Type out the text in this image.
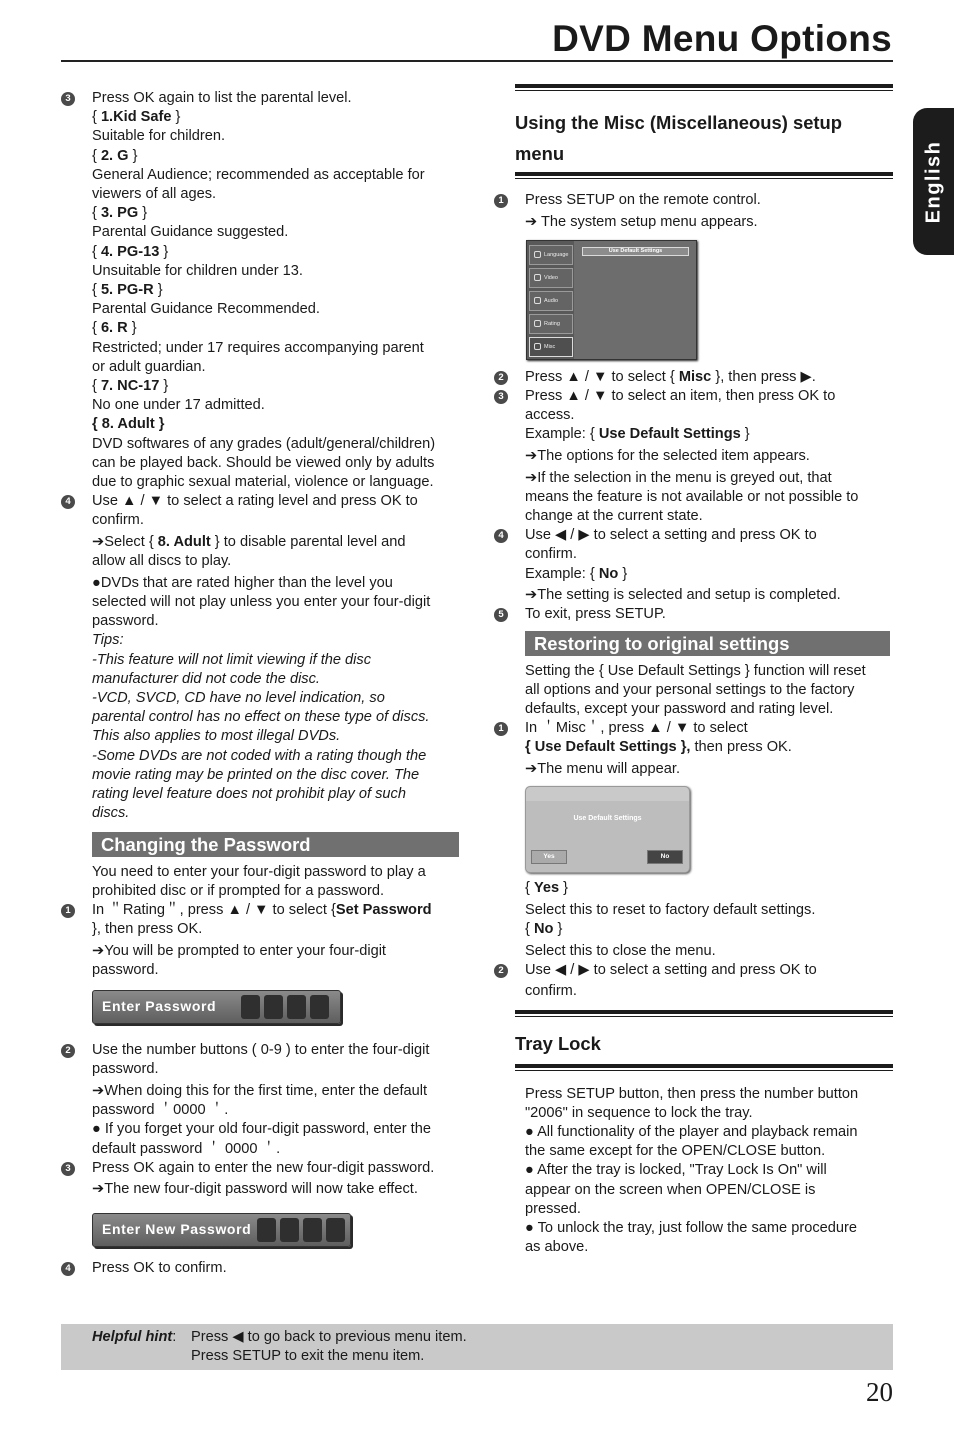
DVD Menu Options
English
3 Press OK again to list the parental level.
{ 1.Kid Safe }
Suitable for children.
{ 2. G }
General Audience; recommended as acceptable for
viewers of all ages.
{ 3. PG }
Parental Guidance suggested.
{ 4. PG-13 }
Unsuitable for children under 13.
{ 5. PG-R }
Parental Guidance Recommended.
{ 6. R }
Restricted; under 17 requires accompanying parent
or adult guardian.
{ 7. NC-17 }
No one under 17 admitted.
{ 8. Adult }
DVD softwares of any grades (adult/general/children)
can be played back. Should be viewed only by adults
due to graphic sexual material, violence or language.
4 Use ▲ / ▼ to select a rating level and press OK to
confirm.
➔Select { 8. Adult } to disable parental level and
allow all discs to play.
●DVDs that are rated higher than the level you
selected will not play unless you enter your four-digit
password.
Tips:
-This feature will not limit viewing if the disc
manufacturer did not code the disc.
-VCD, SVCD, CD have no level indication, so
parental control has no effect on these type of discs.
This also applies to most illegal DVDs.
-Some DVDs are not coded with a rating though the
movie rating may be printed on the disc cover. The
rating level feature does not prohibit play of such
discs.
Changing the Password
You need to enter your four-digit password to play a
prohibited disc or if prompted for a password.
1 In ＂Rating＂, press ▲ / ▼ to select {Set Password
}, then press OK.
➔You will be prompted to enter your four-digit
password.
Enter Password
2 Use the number buttons ( 0-9 ) to enter the four-digit
password.
➔When doing this for the first time, enter the default
password ＇0000 ＇.
● If you forget your old four-digit password, enter the
default password ＇ 0000 ＇.
3 Press OK again to enter the new four-digit password.
➔The new four-digit password will now take effect.
Enter New Password
4 Press OK to confirm.
Using the Misc (Miscellaneous) setup
menu
1 Press SETUP on the remote control.
➔ The system setup menu appears.
Language
Video
Audio
Rating
Misc
Use Default Settings
2 Press ▲ / ▼ to select { Misc }, then press ▶.
3 Press ▲ / ▼ to select an item, then press OK to
access.
Example: { Use Default Settings }
➔The options for the selected item appears.
➔If the selection in the menu is greyed out, that
means the feature is not available or not possible to
change at the current state.
4 Use ◀ / ▶ to select a setting and press OK to
confirm.
Example: { No }
➔The setting is selected and setup is completed.
5 To exit, press SETUP.
Restoring to original settings
Setting the { Use Default Settings } function will reset
all options and your personal settings to the factory
defaults, except your password and rating level.
1 In ＇Misc＇, press ▲ / ▼ to select
{ Use Default Settings }, then press OK.
➔The menu will appear.
Use Default Settings
Yes	No
{ Yes }
Select this to reset to factory default settings.
{ No }
Select this to close the menu.
2 Use ◀ / ▶ to select a setting and press OK to
confirm.
Tray Lock
Press SETUP button, then press the number button
"2006" in sequence to lock the tray.
● All functionality of the player and playback remain
the same except for the OPEN/CLOSE button.
● After the tray is locked, "Tray Lock Is On" will
appear on the screen when OPEN/CLOSE is
pressed.
● To unlock the tray, just follow the same procedure
as above.
Helpful hint: Press ◀ to go back to previous menu item.
Press SETUP to exit the menu item.
20
